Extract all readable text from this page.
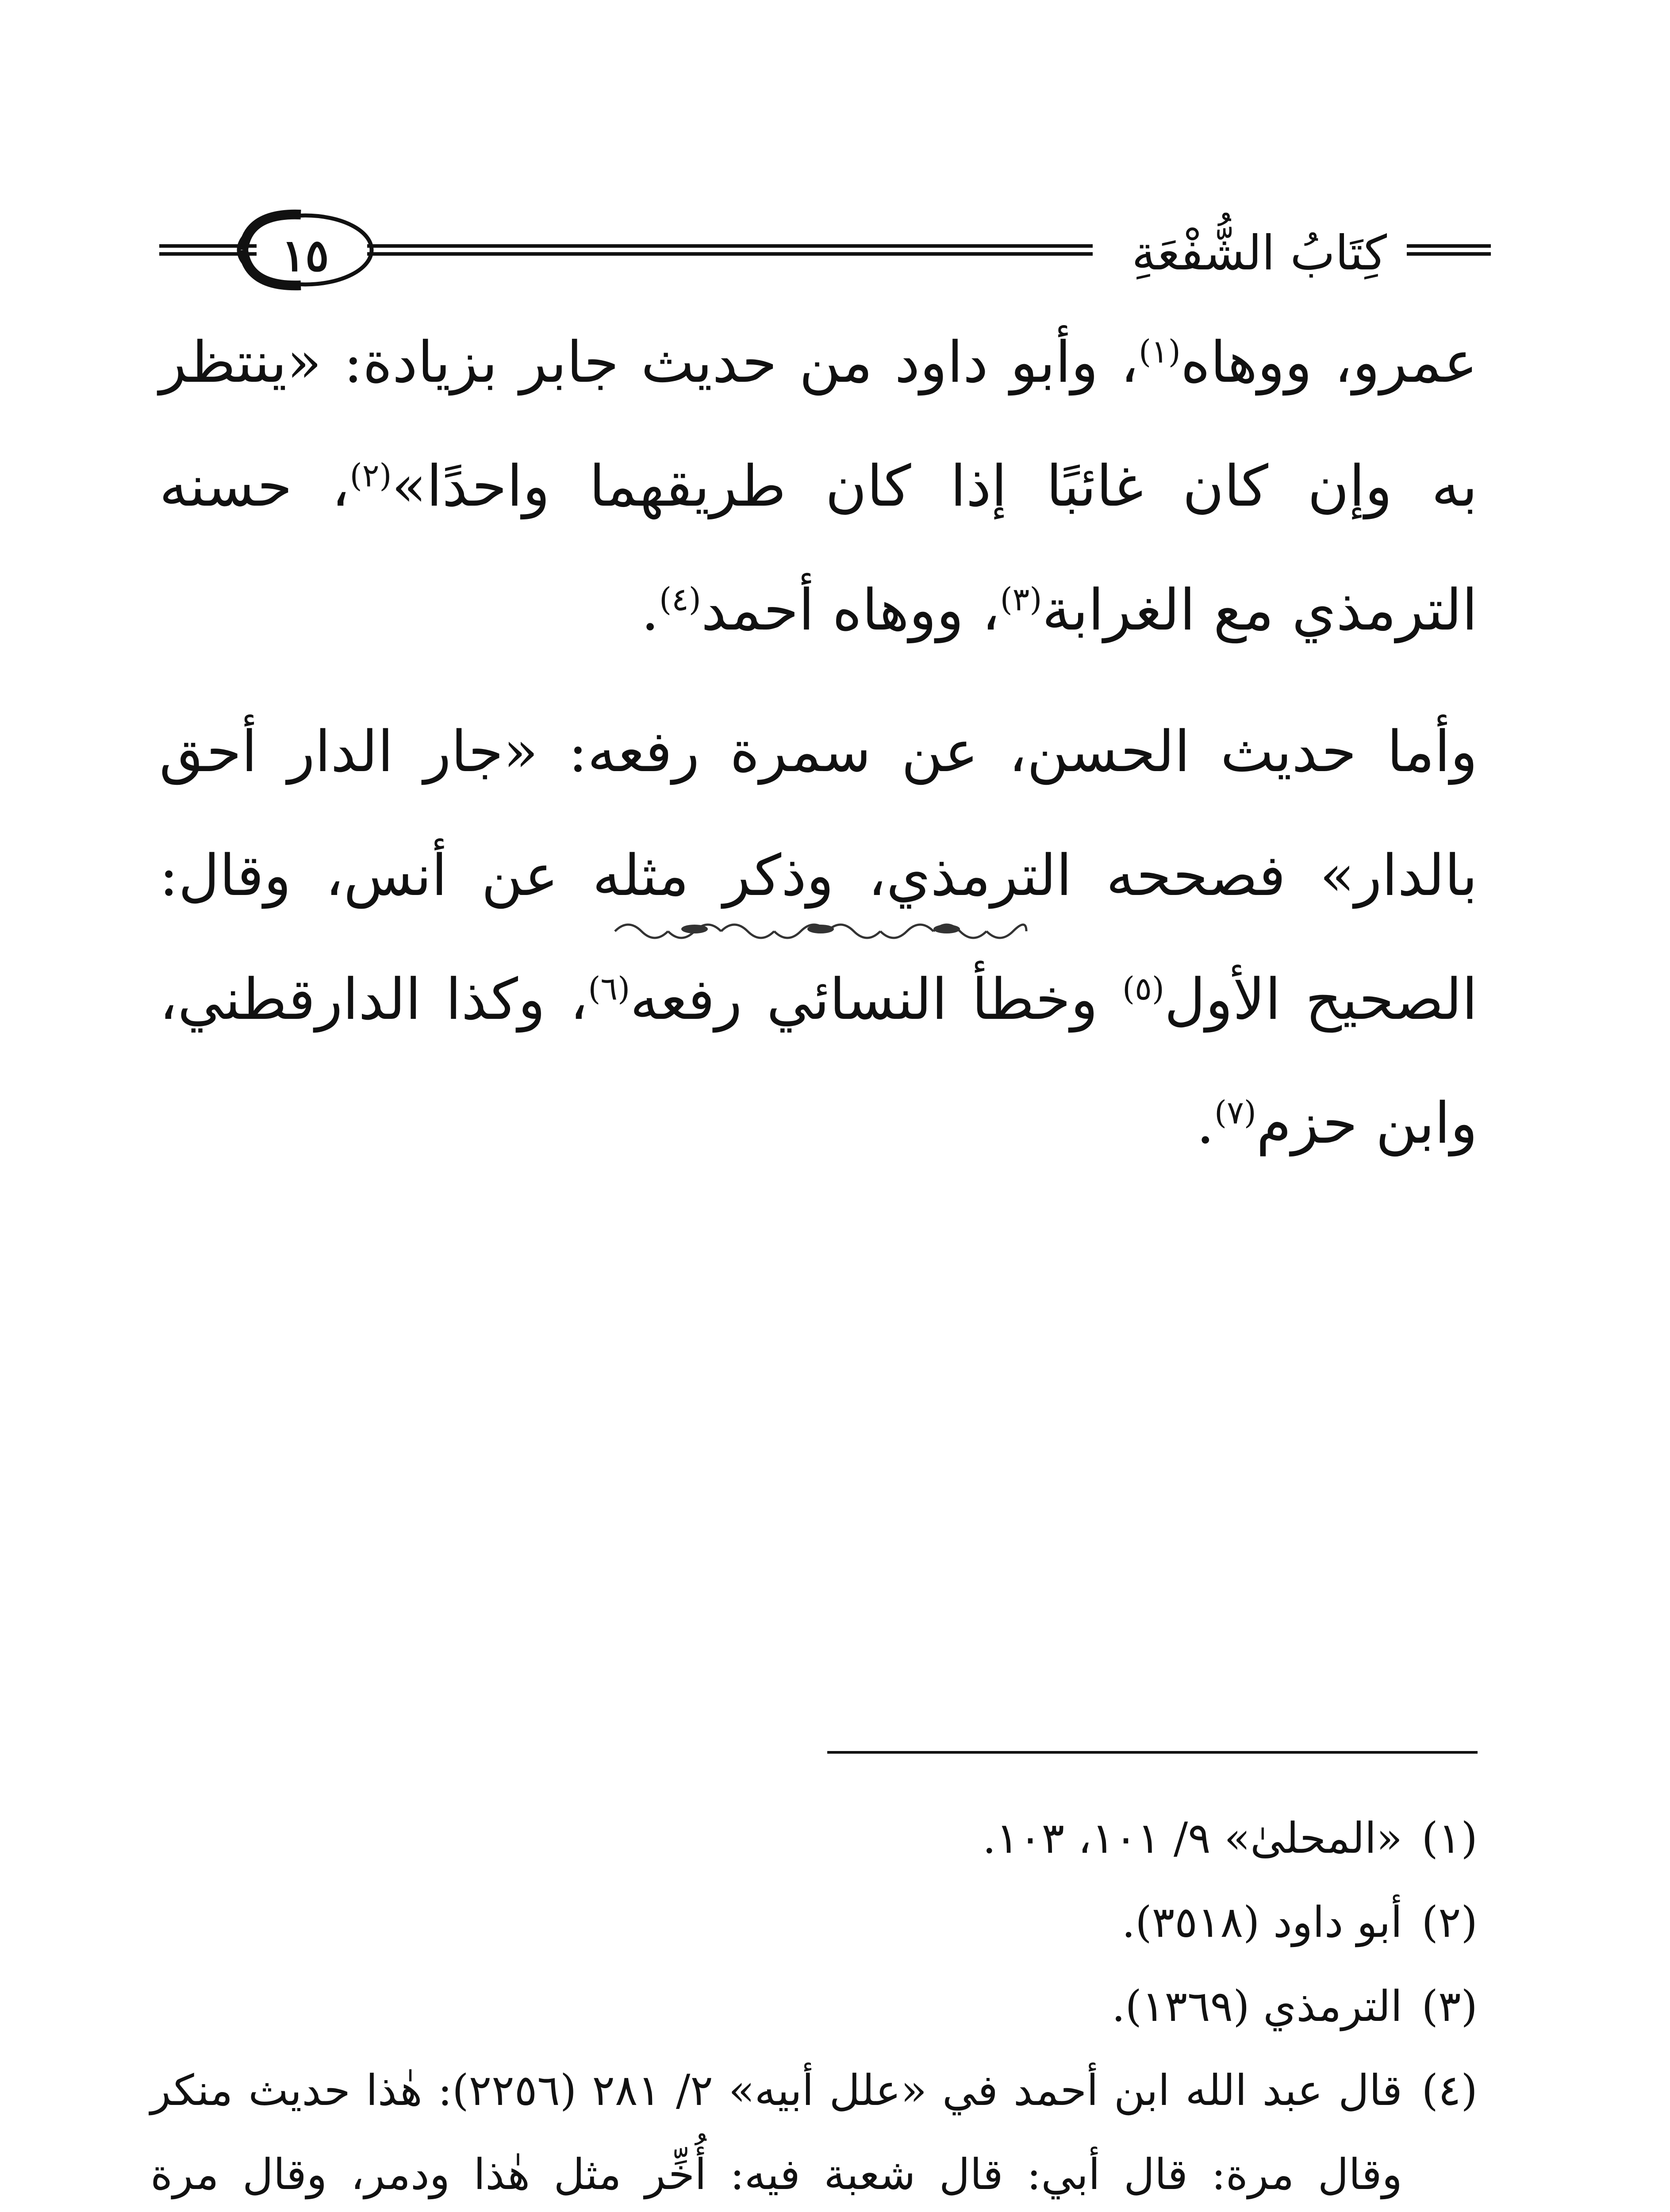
١٥	كِتَابُ الشُّفْعَةِ

عمرو، ووهاه$^{(١)}$، وأبو داود من حديث جابر بزيادة: «ينتظر به وإن كان غائبًا إذا كان طريقهما واحدًا»$^{(٢)}$، حسنه الترمذي مع الغرابة$^{(٣)}$، ووهاه أحمد$^{(٤)}$.

وأما حديث الحسن، عن سمرة رفعه: «جار الدار أحق بالدار» فصححه الترمذي، وذكر مثله عن أنس، وقال: الصحيح الأول$^{(٥)}$ وخطأ النسائي رفعه$^{(٦)}$، وكذا الدارقطني، وابن حزم$^{(٧)}$.

(١)
«المحلىٰ» ٩/ ١٠١، ١٠٣.
(٢)
أبو داود (٣٥١٨).
(٣)
الترمذي (١٣٦٩).
(٤)
قال عبد الله ابن أحمد في «علل أبيه» ٢/ ٢٨١ (٢٢٥٦): هٰذا حديث منكر وقال مرة: قال أبي: قال شعبة فيه: أُخِّر مثل هٰذا ودمر، وقال مرة
